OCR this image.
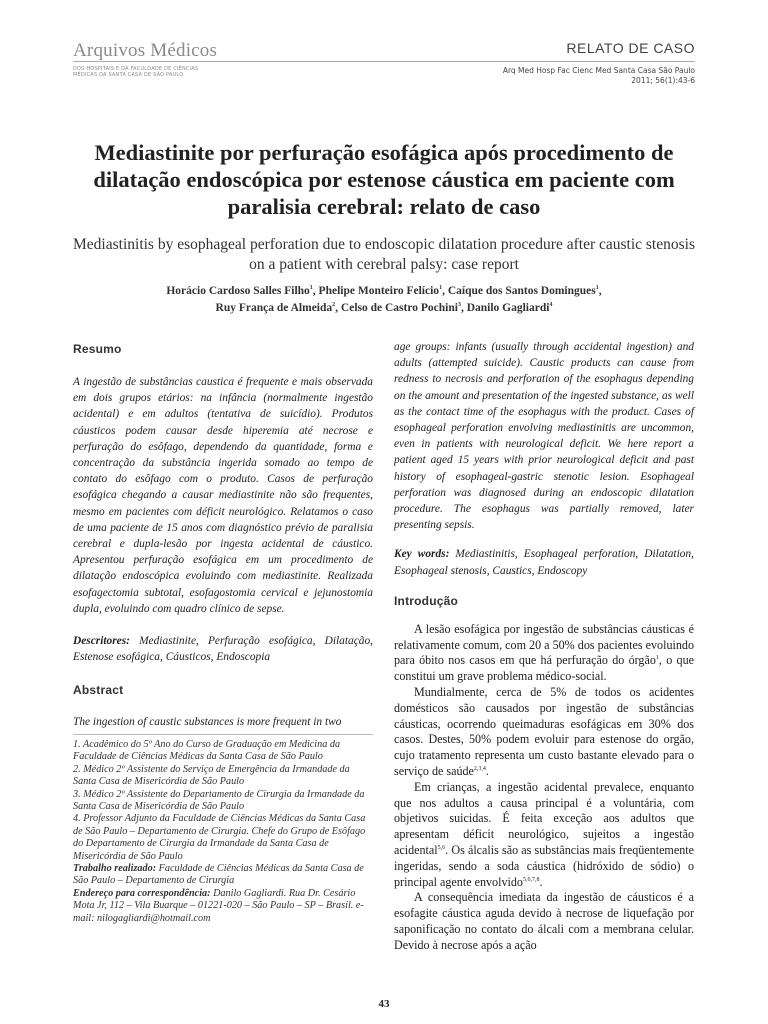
Arquivos Médicos
DOS HOSPITAIS E DA FACULDADE DE CIÊNCIAS MÉDICAS DA SANTA CASA DE SÃO PAULO
RELATO DE CASO
Arq Med Hosp Fac Cienc Med Santa Casa São Paulo
2011; 56(1):43-6
Mediastinite por perfuração esofágica após procedimento de dilatação endoscópica por estenose cáustica em paciente com paralisia cerebral: relato de caso

Mediastinitis by esophageal perforation due to endoscopic dilatation procedure after caustic stenosis on a patient with cerebral palsy: case report

Horácio Cardoso Salles Filho$^1$, Phelipe Monteiro Felício$^1$, Caíque dos Santos Domingues$^1$,
Ruy França de Almeida$^2$, Celso de Castro Pochini$^3$, Danilo Gagliardi$^4$
Resumo

A ingestão de substâncias caustica é frequente e mais observada em dois grupos etários: na infância (normalmente ingestão acidental) e em adultos (tentativa de suicídio). Produtos cáusticos podem causar desde hiperemia até necrose e perfuração do esôfago, dependendo da quantidade, forma e concentração da substância ingerida somado ao tempo de contato do esôfago com o produto. Casos de perfuração esofágica chegando a causar mediastinite não são frequentes, mesmo em pacientes com déficit neurológico. Relatamos o caso de uma paciente de 15 anos com diagnóstico prévio de paralisia cerebral e dupla-lesão por ingesta acidental de cáustico. Apresentou perfuração esofágica em um procedimento de dilatação endoscópica evoluindo com mediastinite. Realizada esofagectomia subtotal, esofagostomia cervical e jejunostomia dupla, evoluindo com quadro clínico de sepse.

Descritores: Mediastinite, Perfuração esofágica, Dilatação, Estenose esofágica, Cáusticos, Endoscopia

Abstract

The ingestion of caustic substances is more frequent in two

1. Acadêmico do 5º Ano do Curso de Graduação em Medicina da Faculdade de Ciências Médicas da Santa Casa de São Paulo

2. Médico 2º Assistente do Serviço de Emergência da Irmandade da Santa Casa de Misericórdia de São Paulo

3. Médico 2º Assistente do Departamento de Cirurgia da Irmandade da Santa Casa de Misericórdia de São Paulo

4. Professor Adjunto da Faculdade de Ciências Médicas da Santa Casa de São Paulo – Departamento de Cirurgia. Chefe do Grupo de Esôfago do Departamento de Cirurgia da Irmandade da Santa Casa de Misericórdia de São Paulo

Trabalho realizado: Faculdade de Ciências Médicas da Santa Casa de São Paulo – Departamento de Cirurgia

Endereço para correspondência: Danilo Gagliardi. Rua Dr. Cesário Mota Jr, 112 – Vila Buarque – 01221-020 – São Paulo – SP – Brasil. e-mail: nilogagliardi@hotmail.com

age groups: infants (usually through accidental ingestion) and adults (attempted suicide). Caustic products can cause from redness to necrosis and perforation of the esophagus depending on the amount and presentation of the ingested substance, as well as the contact time of the esophagus with the product. Cases of esophageal perforation envolving mediastinitis are uncommon, even in patients with neurological deficit. We here report a patient aged 15 years with prior neurological deficit and past history of esophageal-gastric stenotic lesion. Esophageal perforation was diagnosed during an endoscopic dilatation procedure. The esophagus was partially removed, later presenting sepsis.

Key words: Mediastinitis, Esophageal perforation, Dilatation, Esophageal stenosis, Caustics, Endoscopy

Introdução

A lesão esofágica por ingestão de substâncias cáusticas é relativamente comum, com 20 a 50% dos pacientes evoluindo para óbito nos casos em que há perfuração do órgão$^1$, o que constitui um grave problema médico-social.

Mundialmente, cerca de 5% de todos os acidentes domésticos são causados por ingestão de substâncias cáusticas, ocorrendo queimaduras esofágicas em 30% dos casos. Destes, 50% podem evoluir para estenose do orgão, cujo tratamento representa um custo bastante elevado para o serviço de saúde$^{2,3,4}$.

Em crianças, a ingestão acidental prevalece, enquanto que nos adultos a causa principal é a voluntária, com objetivos suicidas. É feita exceção aos adultos que apresentam déficit neurológico, sujeitos a ingestão acidental$^{5,6}$. Os álcalis são as substâncias mais freqüentemente ingeridas, sendo a soda cáustica (hidróxido de sódio) o principal agente envolvido$^{5,6,7,8}$.

A consequência imediata da ingestão de cáusticos é a esofagite cáustica aguda devido à necrose de liquefação por saponificação no contato do álcali com a membrana celular. Devido à necrose após a ação

43
